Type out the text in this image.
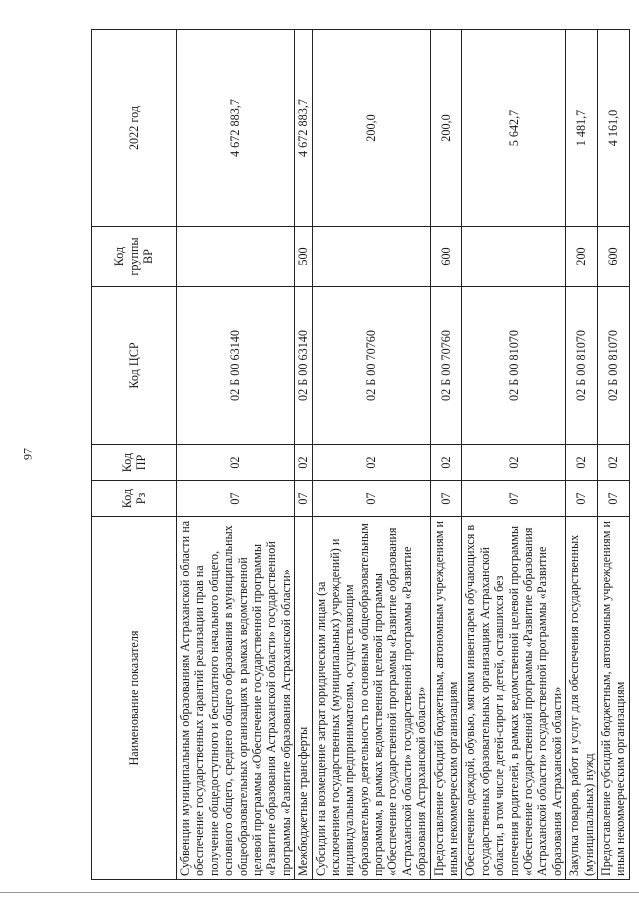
97
Наименование показателя	Код Рз	Код ПР	Код ЦСР	Код группы ВР	2022 год
Субвенции муниципальным образованиям Астраханской области на обеспечение государственных гарантий реализации прав на получение общедоступного и бесплатного начального общего, основного общего, среднего общего образования в муниципальных общеобразовательных организациях в рамках ведомственной целевой программы «Обеспечение государственной программы «Развитие образования Астраханской области» государственной программы «Развитие образования Астраханской области»	07	02	02 Б 00 63140		4 672 883,7
Межбюджетные трансферты	07	02	02 Б 00 63140	500	4 672 883,7
Субсидии на возмещение затрат юридическим лицам (за исключением государственных (муниципальных) учреждений) и индивидуальным предпринимателям, осуществляющим образовательную деятельность по основным общеобразовательным программам, в рамках ведомственной целевой программы «Обеспечение государственной программы «Развитие образования Астраханской области» государственной программы «Развитие образования Астраханской области»	07	02	02 Б 00 70760		200,0
Предоставление субсидий бюджетным, автономным учреждениям и иным некоммерческим организациям	07	02	02 Б 00 70760	600	200,0
Обеспечение одеждой, обувью, мягким инвентарем обучающихся в государственных образовательных организациях Астраханской области, в том числе детей-сирот и детей, оставшихся без попечения родителей, в рамках ведомственной целевой программы «Обеспечение государственной программы «Развитие образования Астраханской области» государственной программы «Развитие образования Астраханской области»	07	02	02 Б 00 81070		5 642,7
Закупка товаров, работ и услуг для обеспечения государственных (муниципальных) нужд	07	02	02 Б 00 81070	200	1 481,7
Предоставление субсидий бюджетным, автономным учреждениям и иным некоммерческим организациям	07	02	02 Б 00 81070	600	4 161,0
